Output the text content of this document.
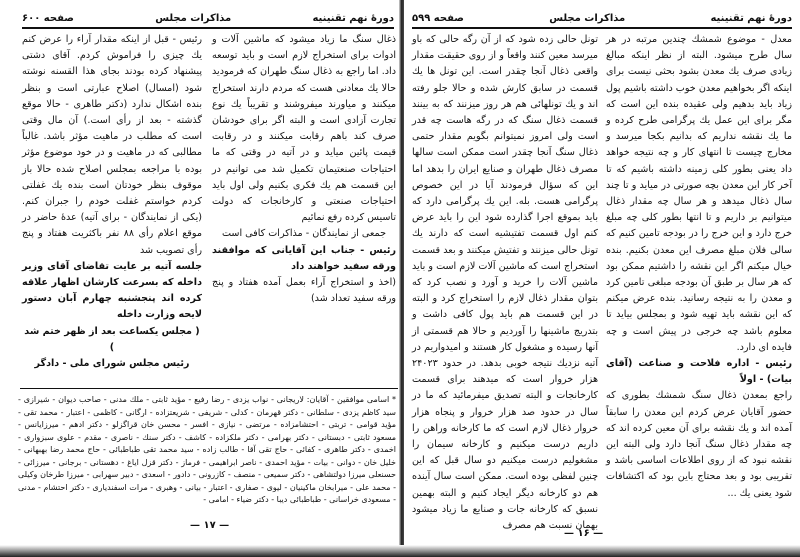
دورهٔ نهم تقنینیه
مذاکرات مجلس
صفحه ۶۰۰

ذغال سنگ ما زیاد میشود که ماشین آلات و ادوات برای استخراج لازم است و باید توسعه داد. اما راجع به ذغال سنگ طهران که فرمودید حالا یك معادنی هست که مردم دارند استخراج میکنند و میاورند میفروشند و تقریباً یك نوع تجارت آزادی است و البته اگر برای خودشان صرف کند باهم رقابت میکنند و در رقابت قیمت پائین میاید و در آتیه در وقتی که ما احتیاجات صنعتیمان تکمیل شد می توانیم در این قسمت هم یك فکری بکنیم ولی اول باید احتیاجات صنعتی و کارخانجات که دولت تاسیس کرده رفع نمائیم

جمعی از نمایندگان - مذاکرات کافی است

رئیس - جناب این آقایانی که موافقند ورقه سفید خواهند داد

(اخذ و استخراج آراء بعمل آمده هفتاد و پنج ورقه سفید تعداد شد)

رئیس - قبل از اینکه مقدار آراء را عرض کنم یك چیزی را فراموش کردم. آقای دشتی پیشنهاد کرده بودند بجای هذا القسنه نوشته شود (امسال) اصلاح عبارتی است و بنظر بنده اشکال ندارد (دکتر طاهری - حالا موقع گذشته - بعد از رأی است.) آن مال وقتی است که مطلب در ماهیت مؤثر باشد. غالباً مطالبی که در ماهیت و در خود موضوع مؤثر بوده با مراجعه بمجلس اصلاح شده حالا باز موقوف بنظر خودتان است بنده یك غفلتی کردم خواستم غفلت خودم را جبران کنم. (یکی از نمایندگان - برای آتیه) عدهٔ حاضر در موقع اعلام رأی ۸۸ نفر باکثریت هفتاد و پنج رأی تصویب شد

جلسه آتیه بر عایت تقاضای آقای وزیر داخله که بسرعت کارشان اظهار علاقه کرده اند پنجشنبه چهارم آبان دستور لایحه وزارت داخله

( مجلس یکساعت بعد از ظهر ختم شد )

رئیس مجلس شورای ملی - دادگر

* اسامی موافقین - آقایان: لاریجانی - نواب یزدی - رضا رفیع - مؤید ثابتی - ملك مدنی - صاحب دیوان - شیرازی - سید کاظم یزدی - سلطانی - دکتر قهرمان - کدلی - شریفی - شریعتزاده - ارگانی - کاظمی - اعتبار - محمد تقی - مؤید قوامی - تربتی - احتشامزاده - مرتضی - نیازی - افسر - محسن خان قراگزلو - دکتر ادهم - میرزایانس - مسعود ثابتی - دبستانی - دکتر بهرامی - دکتر ملكزاده - کاشف - دکتر سنك - ناصری - مقدم - علوی سبزواری - اخمدی - دکتر طاهری - کفائی - حاج تقی آقا - طالب زاده - سید محمد تقی طباطبائی - حاج محمد رضا بهبهانی - خلیل خان - دوانی - بیات - مؤید احمدی - ناصر ابراهیمی - فرماز - دکتر قزل ایاغ - دهستانی - برجانی - میرزائی - حسنعلی میرزا دولتشاهی - دکتر سمیعی - منصف - کازرونی - دادور - اسعدی - دبیر سهرابی - میرزا طرخان وکیلی - محمد علی - میرابخان ماکینیان - لیوی - صفاری - اعتبار - بیانی - وهبری - مرات اسفندیاری - دکتر احتشام - مدنی - مسعودی خراسانی - طباطبائی دیبا - دکتر ضیاء - امامی -
— ۱۷ —
دورهٔ نهم تقنینیه
مذاکرات مجلس
صفحه ۵۹۹

معدل - موضوع شمشك چندین مرتبه در هر سال طرح میشود. البته از نظر اینکه مبالغ زیادی صرف یك معدن بشود بحثی نیست برای اینکه اگر بخواهیم معدن خوب داشته باشیم پول زیاد باید بدهیم ولی عقیده بنده این است که مگر برای این عمل یك پرگرامی طرح کرده و ما یك نقشه نداریم که بدانیم بکجا میرسد و مخارج چیست تا انتهای کار و چه نتیجه خواهد داد یعنی بطور کلی زمینه داشته باشیم که تا آخر کار این معدن بچه صورتی در میاید و تا چند سال ذغال میدهد و هر سال چه مقدار ذغال میتوانیم بر داریم و تا انتها بطور کلی چه مبلغ خرج دارد و این خرج را در بودجه تامین کنیم که سالی فلان مبلغ مصرف این معدن بکنیم. بنده خیال میکنم اگر این نقشه را داشتیم ممکن بود که هر سال بر طبق آن بودجه مبلغی تامین کرد و معدن را به نتیجه رسانید. بنده عرض میکنم که این نقشه باید تهیه شود و بمجلس بیاید تا معلوم باشد چه خرجی در پیش است و چه فایده ای دارد.

رئیس - اداره فلاحت و صناعت (آقای بیات) - اولاً

راجع بمعدن ذغال سنگ شمشك بطوری که حضور آقایان عرض کردم این معدن را سابقاً آمده اند و یك نقشه برای آن معین کرده اند که چه مقدار ذغال سنگ آنجا دارد ولی البته این نقشه نبود که از روی اطلاعات اساسی باشد و تقریبی بود و بعد محتاج باین بود که اکتشافات شود یعنی یك ...

تونل حالی زده شود که از آن رگه حالی که باو میرسد معین کنند واقعاً و از روی حقیقت مقدار واقعی ذغال آنجا چقدر است. این تونل ها یك قسمت در سابق کارش شده و حالا جلو رفته اند و یك تونلهائی هم هر روز میزنند که به بینند قسمت ذغال سنگ که در رگه هاست چه قدر است ولی امروز نمیتوانم بگویم مقدار حتمی ذغال سنگ آنجا چقدر است ممکن است سالها مصرف ذغال طهران و صنایع ایران را بدهد اما این که سؤال فرمودند آیا در این خصوص پرگرامی هست. بله. این یك پرگرامی دارد که باید بموقع اجرا گذارده شود این را باید عرض کنم اول قسمت تفتیشیه است که دارند یك تونل حالی میزنند و تفتیش میکنند و بعد قسمت استخراج است که ماشین آلات لازم است و باید ماشین آلات را خرید و آورد و نصب کرد که بتوان مقدار ذغال لازم را استخراج کرد و البته در این قسمت هم باید پول کافی داشت و بتدریج ماشینها را آوردیم و حالا هم قسمتی از آنها رسیده و مشغول کار هستند و امیدواریم در آتیه نزدیك نتیجه خوبی بدهد. در حدود ۲۴۰۲۳ هزار خروار است که میدهند برای قسمت کارخانجات و البته تصدیق میفرمائید که ما در سال در حدود صد هزار خروار و پنجاه هزار خروار ذغال لازم است که ما کارخانه وراهن را داریم درست میکنیم و کارخانه سیمان را مشغولیم درست میکنیم دو سال قبل که این چنین لفظی بوده است. ممکن است سال آینده هم دو کارخانه دیگر ایجاد کنیم و البته بهمین نسبق که کارخانه جات و صنایع ما زیاد میشود بهمان نسبت هم مصرف

— ۱۶ —
